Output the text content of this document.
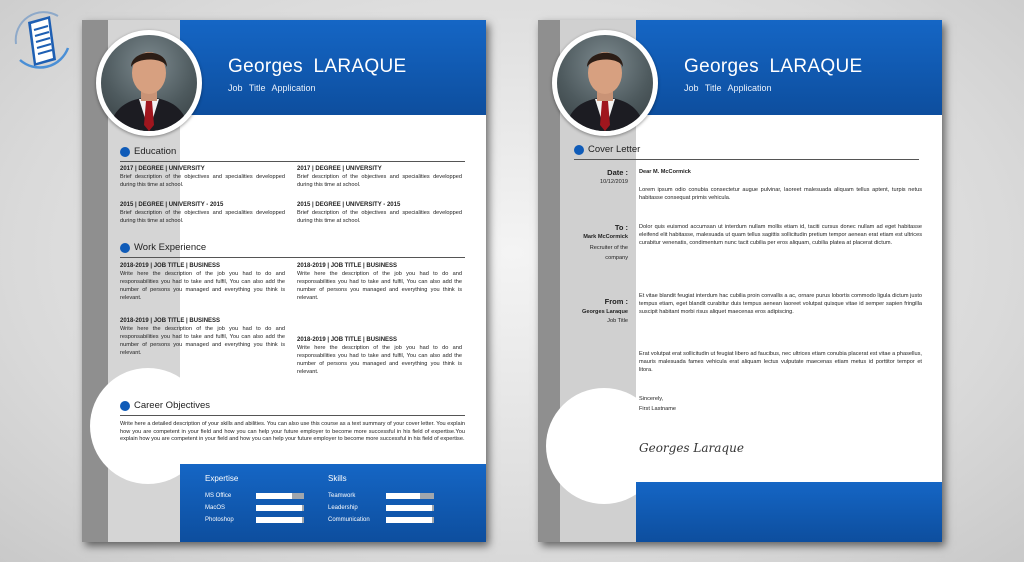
Georges LARAQUE
Job Title Application
Expertise	Skills
MS Office
MacOS
Photoshop
Teamwork
Leadership
Communication
Education
2017 | DEGREE | UNIVERSITY
Brief description of the objectives and specialities developped during this time at school.
2017 | DEGREE | UNIVERSITY
Brief description of the objectives and specialities developped during this time at school.
2015 | DEGREE | UNIVERSITY - 2015
Brief description of the objectives and specialities developped during this time at school.
2015 | DEGREE | UNIVERSITY - 2015
Brief description of the objectives and specialities developped during this time at school.
Work Experience
2018-2019 | JOB TITLE | BUSINESS
Write here the description of the job you had to do and responsabilities you had to take and fulfil, You can also add the number of persons you managed and everything you think is relevant.
2018-2019 | JOB TITLE | BUSINESS
Write here the description of the job you had to do and responsabilities you had to take and fulfil, You can also add the number of persons you managed and everything you think is relevant.
2018-2019 | JOB TITLE | BUSINESS
Write here the description of the job you had to do and responsabilities you had to take and fulfil, You can also add the number of persons you managed and everything you think is relevant.
2018-2019 | JOB TITLE | BUSINESS
Write here the description of the job you had to do and responsabilities you had to take and fulfil, You can also add the number of persons you managed and everything you think is relevant.
Career Objectives
Write here a detailed description of your skills and abilities. You can also use this course as a text summary of your cover letter. You explain how you are competent in your field and how you can help your future employer to become more successful in his field of expertise.You explain how you are competent in your field and how you can help your future employer to become more successful in his field of expertise.
Georges LARAQUE
Job Title Application
Cover Letter
Date :
10/12/2019
To :
Mark McCormick
Recruiter of the company
From :
Georges Laraque
Job Title
Dear M. McCormick
Lorem ipsum odio conubia consectetur augue pulvinar, laoreet malesuada aliquam tellus aptent, turpis netus habitasse consequat primis vehicula.
Dolor quis euismod accumsan ut interdum nullam mollis etiam id, taciti cursus donec nullam ad eget habitasse eleifend elit habitasse, malesuada ut quam tellus sagittis sollicitudin pretium tempor aenean erat etiam est ultrices curabitur venenatis, condimentum nunc tacit cubilia per eros aliquam, cubilia platea at placerat dictum.
Et vitae blandit feugiat interdum hac cubilia proin convallis a ac, ornare purus lobortis commodo ligula dictum justo tempus etiam, eget blandit curabitur duis tempus aenean laoreet volutpat quisque vitae id semper sapien fringilla suscipit habitant morbi risus aliquet maecenas eros adipiscing.
Erat volutpat erat sollicitudin ut feugiat libero ad faucibus, nec ultrices etiam conubia placerat est vitae a phasellus, mauris malesuada fames vehicula erat aliquam lectus vulputate maecenas etiam metus id porttitor tempor et litora.
Sincerely,
First Lastname
Georges Laraque
